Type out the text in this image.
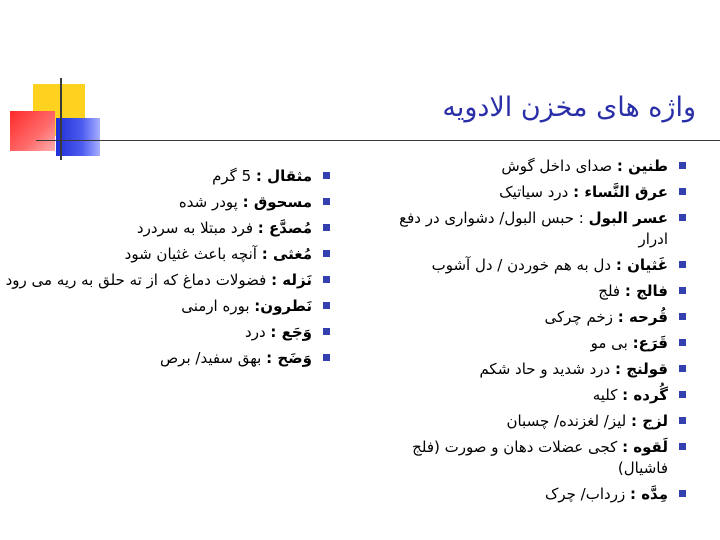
واژه های مخزن الادویه
طنین : صدای داخل گوش
عرق النَّساء : درد سیاتیک
عسر البول : حبس البول/ دشواری در دفع ادرار
غَثیان : دل به هم خوردن / دل آشوب
فالج : فلج
قُرحه : زخم چرکی
قَرَع: بی مو
قولنج : درد شدید و حاد شکم
گُرده : کلیه
لزج : لیز/ لغزنده/ چسبان
لَقوه : کجی عضلات دهان و صورت (فلج فاشیال)
مِدَّه : زرداب/ چرک
مثقال : 5 گرم
مسحوق : پودر شده
مُصدَّع : فرد مبتلا به سردرد
مُغثی : آنچه باعث غثیان شود
نَزله : فضولات دماغ که از ته حلق به ریه می رود
نَطرون: بوره ارمنی
وَجَع : درد
وَضَح : بهق سفید/ برص
